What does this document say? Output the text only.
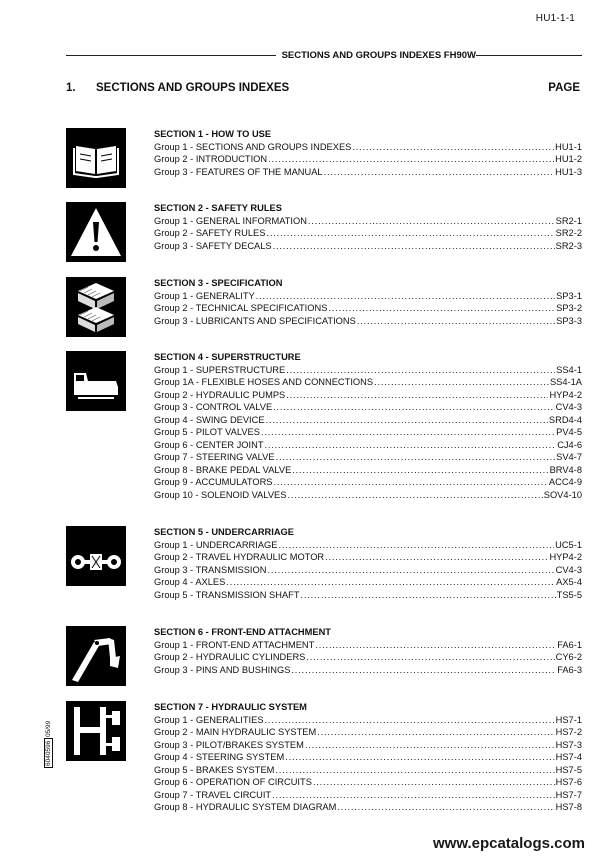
HU1-1-1
SECTIONS AND GROUPS INDEXES FH90W
1. SECTIONS AND GROUPS INDEXES	PAGE
SECTION 1 - HOW TO USE
Group 1 - SECTIONS AND GROUPS INDEXES .....	HU1-1
Group 2 - INTRODUCTION .....	HU1-2
Group 3 - FEATURES OF THE MANUAL .....	HU1-3
SECTION 2 - SAFETY RULES
Group 1 - GENERAL INFORMATION .....	SR2-1
Group 2 - SAFETY RULES .....	SR2-2
Group 3 - SAFETY DECALS .....	SR2-3
SECTION 3 - SPECIFICATION
Group 1 - GENERALITY .....	SP3-1
Group 2 - TECHNICAL SPECIFICATIONS .....	SP3-2
Group 3 - LUBRICANTS AND SPECIFICATIONS .....	SP3-3
SECTION 4 - SUPERSTRUCTURE
Group 1 - SUPERSTRUCTURE .....	SS4-1
Group 1A - FLEXIBLE HOSES AND CONNECTIONS .....	SS4-1A
Group 2 - HYDRAULIC PUMPS .....	HYP4-2
Group 3 - CONTROL VALVE .....	CV4-3
Group 4 - SWING DEVICE .....	SRD4-4
Group 5 - PILOT VALVES .....	PV4-5
Group 6 - CENTER JOINT .....	CJ4-6
Group 7 - STEERING VALVE .....	SV4-7
Group 8 - BRAKE PEDAL VALVE .....	BRV4-8
Group 9 - ACCUMULATORS .....	ACC4-9
Group 10 - SOLENOID VALVES .....	SOV4-10
SECTION 5 - UNDERCARRIAGE
Group 1 - UNDERCARRIAGE .....	UC5-1
Group 2 - TRAVEL HYDRAULIC MOTOR .....	HYP4-2
Group 3 - TRANSMISSION .....	CV4-3
Group 4 - AXLES .....	AX5-4
Group 5 - TRANSMISSION SHAFT .....	TS5-5
SECTION 6 - FRONT-END ATTACHMENT
Group 1 - FRONT-END ATTACHMENT .....	FA6-1
Group 2 - HYDRAULIC CYLINDERS .....	CY6-2
Group 3 - PINS AND BUSHINGS .....	FA6-3
SECTION 7 - HYDRAULIC SYSTEM
Group 1 - GENERALITIES .....	HS7-1
Group 2 - MAIN HYDRAULIC SYSTEM .....	HS7-2
Group 3 - PILOT/BRAKES SYSTEM .....	HS7-3
Group 4 - STEERING SYSTEM .....	HS7-4
Group 5 - BRAKES SYSTEM .....	HS7-5
Group 6 - OPERATION OF CIRCUITS .....	HS7-6
Group 7 - TRAVEL CIRCUIT .....	HS7-7
Group 8 - HYDRAULIC SYSTEM DIAGRAM .....	HS7-8
6040596 05/99
www.epcatalogs.com
